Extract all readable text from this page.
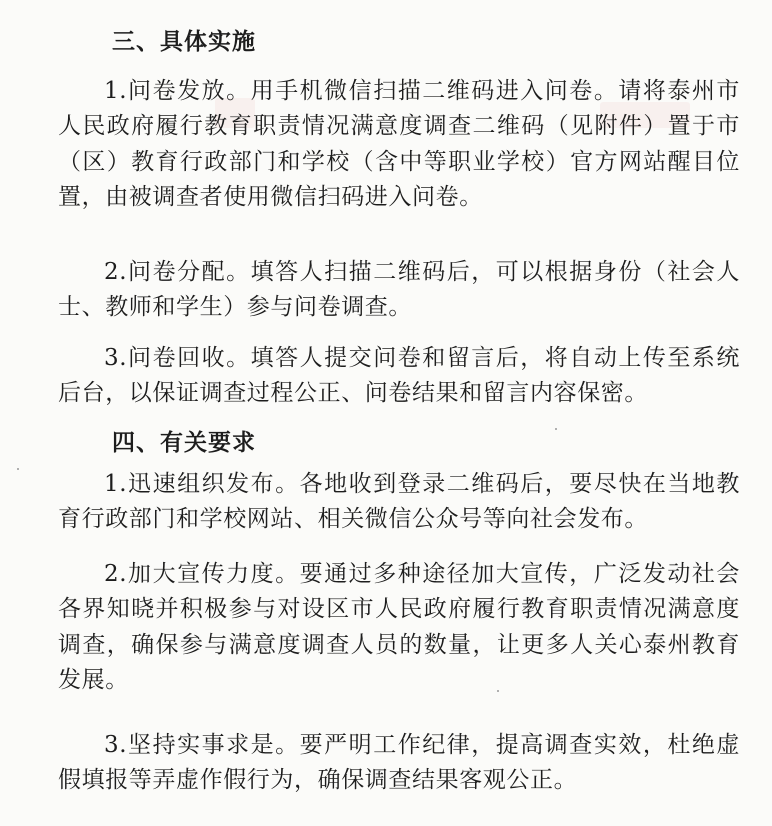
三、具体实施

1.问卷发放。用手机微信扫描二维码进入问卷。请将泰州市人民政府履行教育职责情况满意度调查二维码（见附件）置于市（区）教育行政部门和学校（含中等职业学校）官方网站醒目位置，由被调查者使用微信扫码进入问卷。

2.问卷分配。填答人扫描二维码后，可以根据身份（社会人士、教师和学生）参与问卷调查。

3.问卷回收。填答人提交问卷和留言后，将自动上传至系统后台，以保证调查过程公正、问卷结果和留言内容保密。

四、有关要求

1.迅速组织发布。各地收到登录二维码后，要尽快在当地教育行政部门和学校网站、相关微信公众号等向社会发布。

2.加大宣传力度。要通过多种途径加大宣传，广泛发动社会各界知晓并积极参与对设区市人民政府履行教育职责情况满意度调查，确保参与满意度调查人员的数量，让更多人关心泰州教育发展。

3.坚持实事求是。要严明工作纪律，提高调查实效，杜绝虚假填报等弄虚作假行为，确保调查结果客观公正。
